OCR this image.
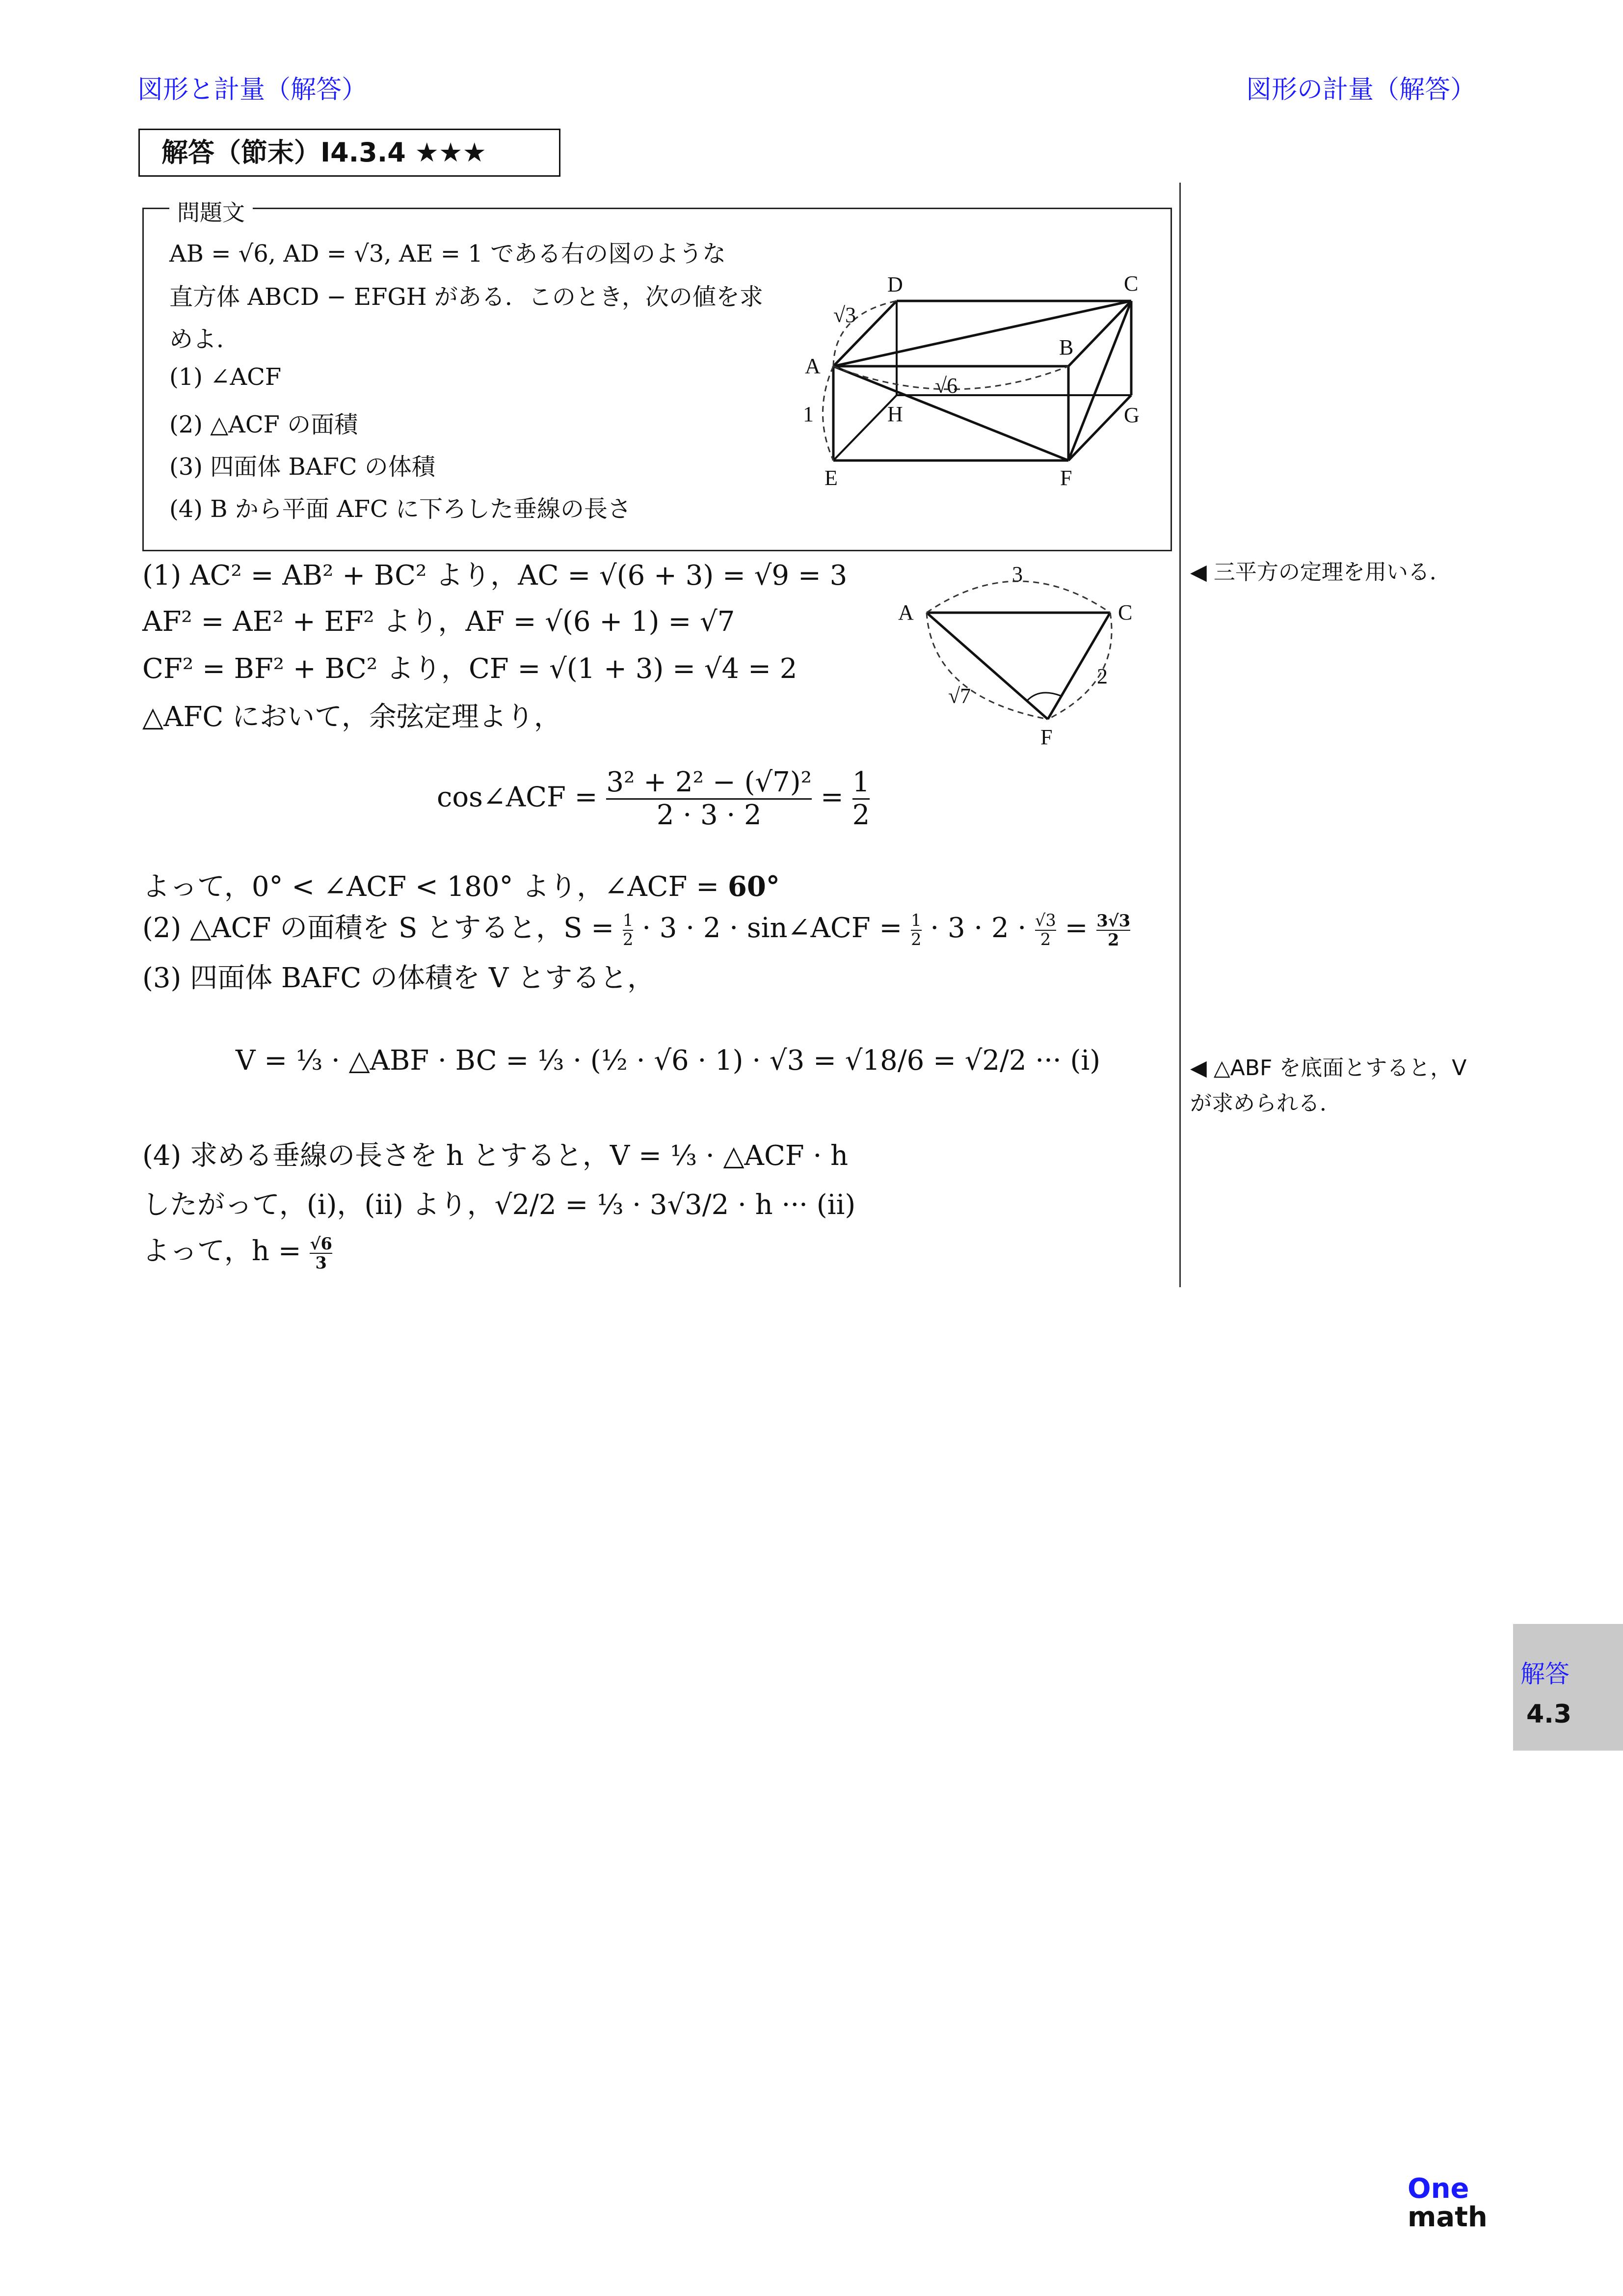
図形と計量（解答）	図形の計量（解答）
解答（節末）I4.3.4 ★★★
問題文
AB = √6, AD = √3, AE = 1 である右の図のような
直方体 ABCD − EFGH がある．このとき，次の値を求
めよ．
(1) ∠ACF
(2) △ACF の面積
(3) 四面体 BAFC の体積
(4) B から平面 AFC に下ろした垂線の長さ
A
B
C
D
E	F
G
H
√3
√6
1
(1) AC² = AB² + BC² より，AC = √(6 + 3) = √9 = 3
AF² = AE² + EF² より，AF = √(6 + 1) = √7
CF² = BF² + BC² より，CF = √(1 + 3) = √4 = 2
△AFC において，余弦定理より，
A	C
F
3
2
√7
cos∠ACF = $\frac{\text{3² + 2² − (√7)²}}{2 \cdot 3 \cdot 2} = \frac{1}{2}$
よって，0° < ∠ACF < 180° より，∠ACF = 60°
(2) △ACF の面積を S とすると，$S = \frac{1}{2} \cdot 3 \cdot 2$ · sin∠ACF = $\frac{1}{2} \cdot 3 \cdot 2 \cdot \frac{√3}{2} = \frac{3√3}{2}$
(3) 四面体 BAFC の体積を V とすると，
V = ⅓ · △ABF · BC = ⅓ · (½ · √6 · 1) · √3 = √18/6 = √2/2 ··· (i)
(4) 求める垂線の長さを h とすると，V = ⅓ · △ACF · h
したがって，(i)，(ii) より，√2/2 = ⅓ · 3√3/2 · h ··· (ii)
よって，$h = \frac{√6}{3}$
◀ 三平方の定理を用いる．
◀ △ABF を底面とすると，V
が求められる．
解答
4.3
One
math
